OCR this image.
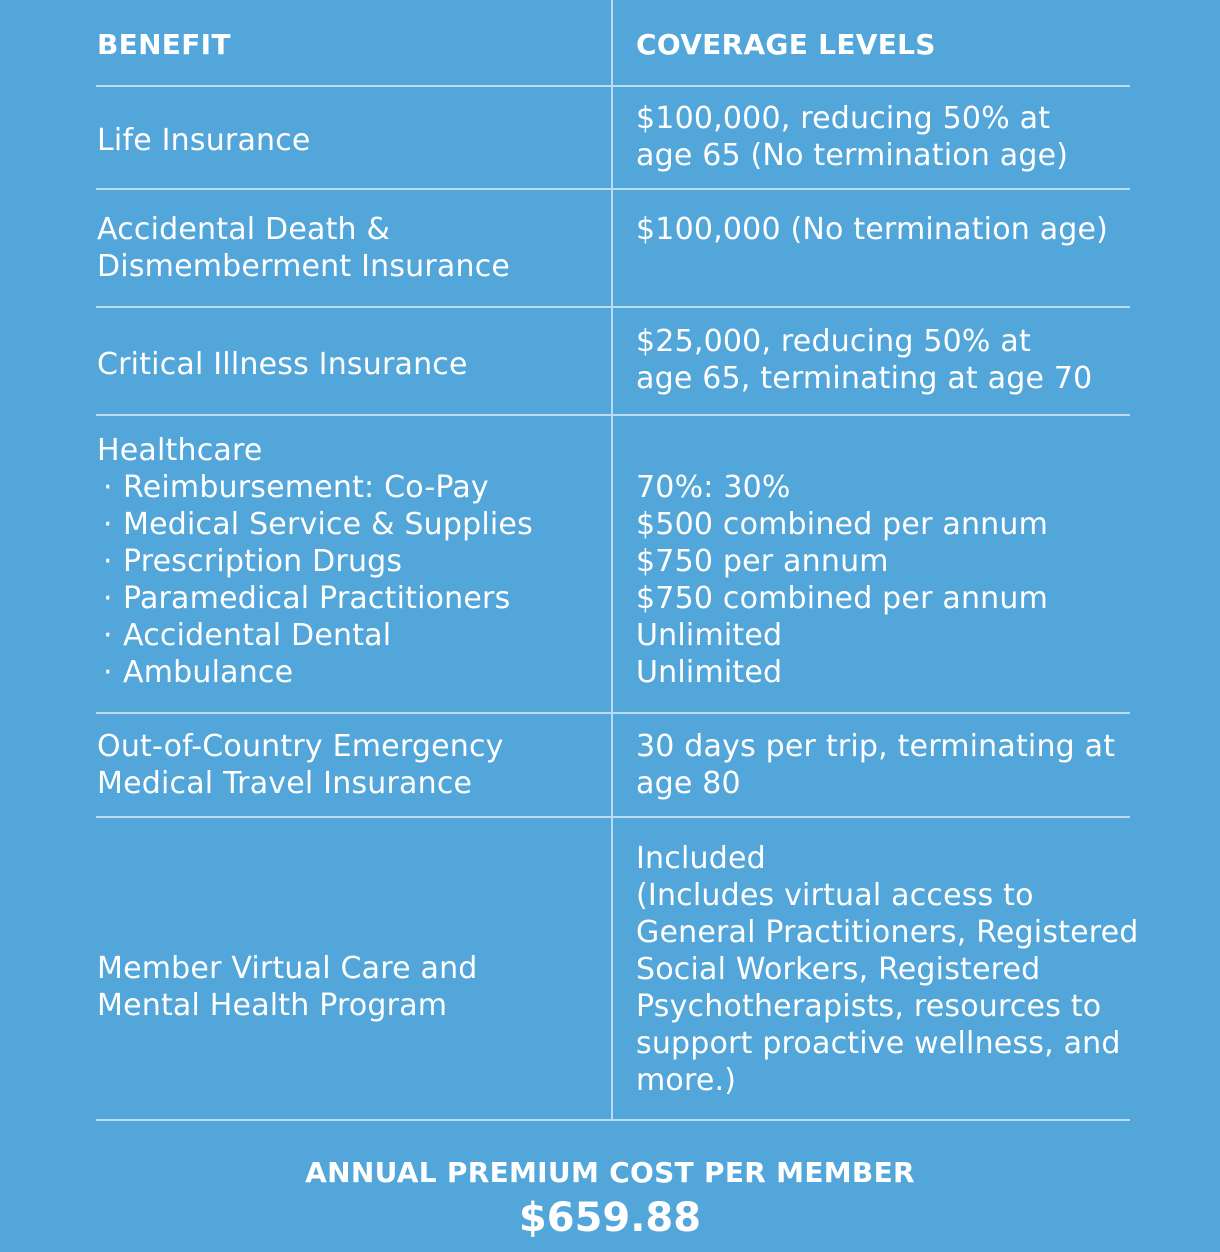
BENEFIT	COVERAGE LEVELS
Life Insurance
$100,000, reducing 50% at
age 65 (No termination age)
Accidental Death &
Dismemberment Insurance
$100,000 (No termination age)
Critical Illness Insurance
$25,000, reducing 50% at
age 65, terminating at age 70
Healthcare
· Reimbursement: Co-Pay
· Medical Service & Supplies
· Prescription Drugs
· Paramedical Practitioners
· Accidental Dental
· Ambulance
70%: 30%
$500 combined per annum
$750 per annum
$750 combined per annum
Unlimited
Unlimited
Out-of-Country Emergency
Medical Travel Insurance
30 days per trip, terminating at
age 80
Member Virtual Care and
Mental Health Program
Included
(Includes virtual access to
General Practitioners, Registered
Social Workers, Registered
Psychotherapists, resources to
support proactive wellness, and
more.)
ANNUAL PREMIUM COST PER MEMBER
$659.88
